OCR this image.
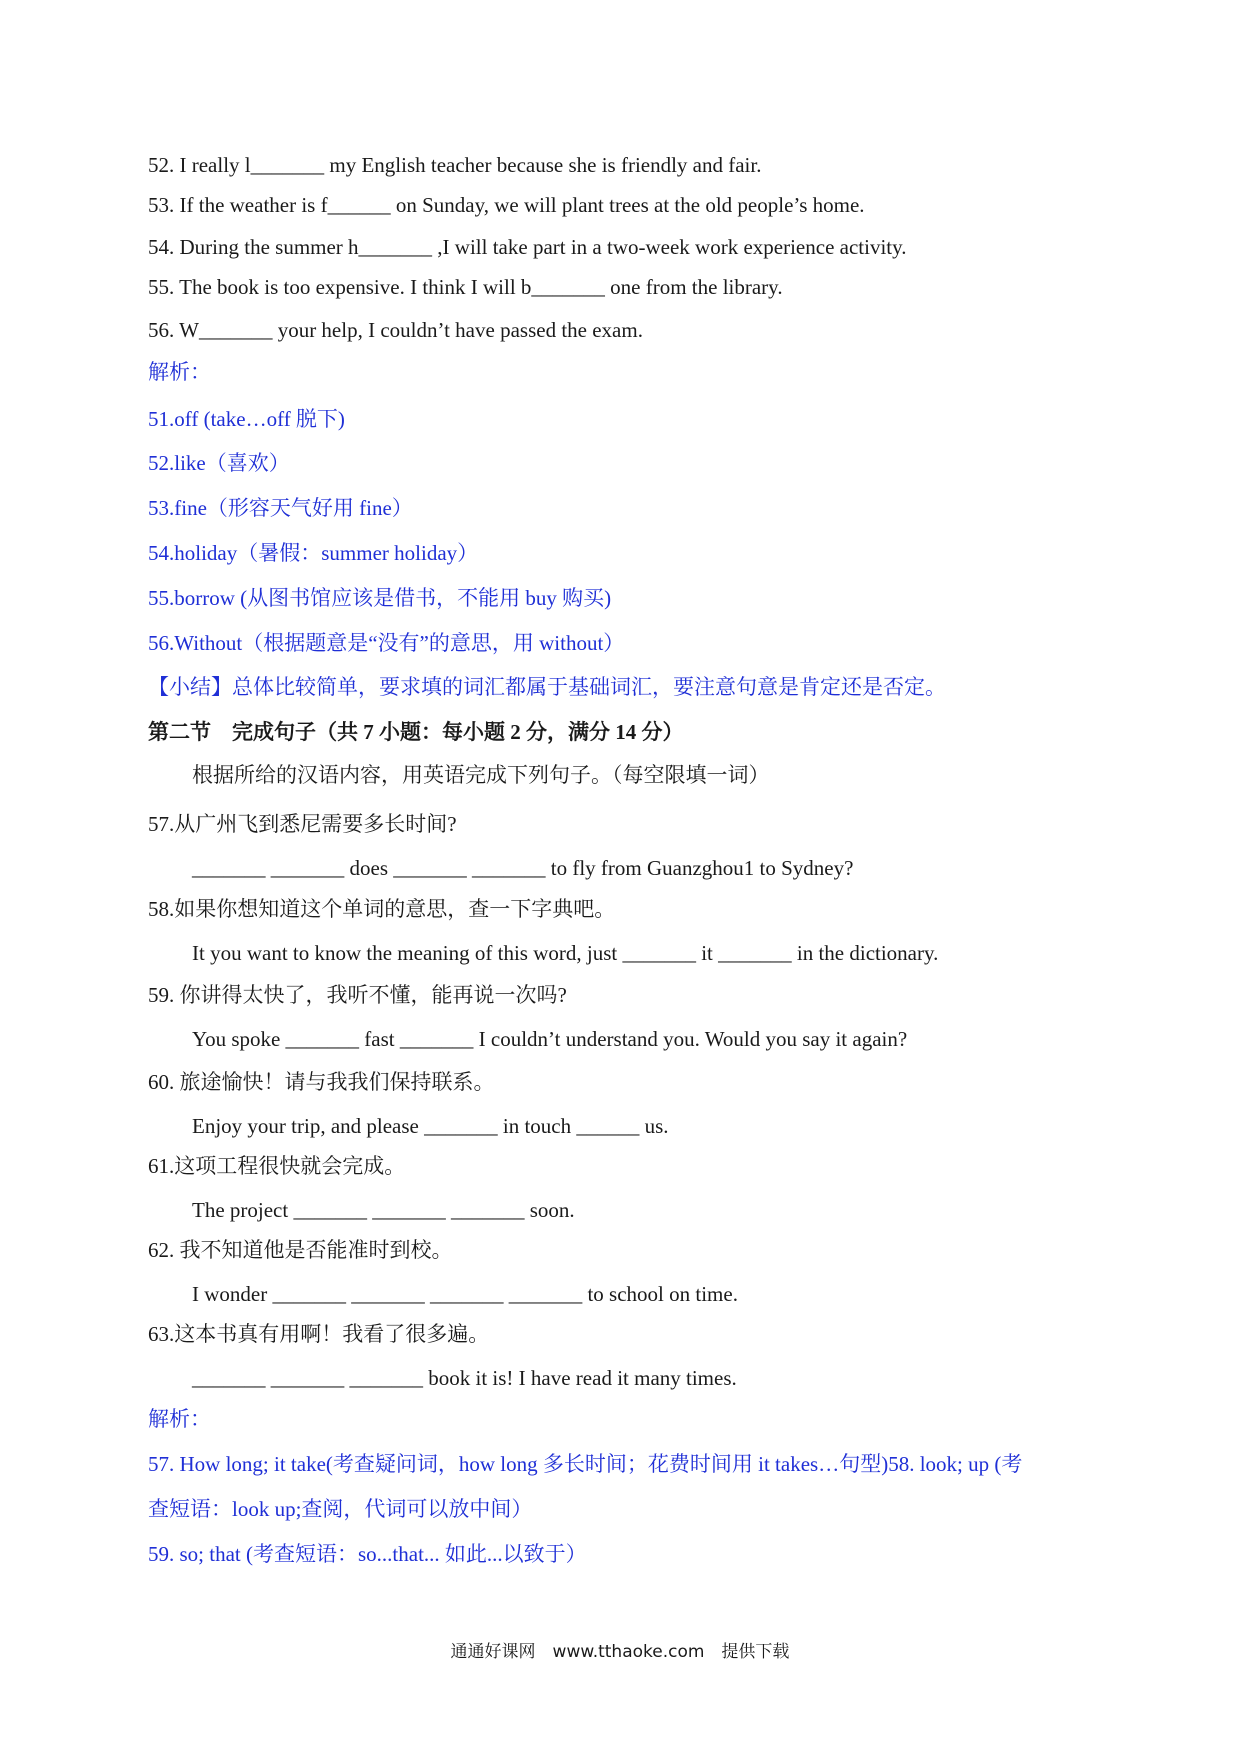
52. I really l_______ my English teacher because she is friendly and fair.
53. If the weather is f______ on Sunday, we will plant trees at the old people’s home.
54. During the summer h_______ ,I will take part in a two-week work experience activity.
55. The book is too expensive. I think I will b_______ one from the library.
56. W_______ your help, I couldn’t have passed the exam.
解析：
51.off (take…off 脱下)
52.like（喜欢）
53.fine（形容天气好用 fine）
54.holiday（暑假：summer holiday）
55.borrow (从图书馆应该是借书，不能用 buy 购买)
56.Without（根据题意是“没有”的意思，用 without）
【小结】总体比较简单，要求填的词汇都属于基础词汇，要注意句意是肯定还是否定。
第二节　完成句子（共 7 小题：每小题 2 分，满分 14 分）
根据所给的汉语内容，用英语完成下列句子。（每空限填一词）
57.从广州飞到悉尼需要多长时间?
_______ _______ does _______ _______ to fly from Guanzghou1 to Sydney?
58.如果你想知道这个单词的意思，查一下字典吧。
It you want to know the meaning of this word, just _______ it _______ in the dictionary.
59. 你讲得太快了，我听不懂，能再说一次吗?
You spoke _______ fast _______ I couldn’t understand you. Would you say it again?
60. 旅途愉快！请与我我们保持联系。
Enjoy your trip, and please _______ in touch ______ us.
61.这项工程很快就会完成。
The project _______ _______ _______ soon.
62. 我不知道他是否能准时到校。
I wonder _______ _______ _______ _______ to school on time.
63.这本书真有用啊！我看了很多遍。
_______ _______ _______ book it is! I have read it many times.
解析：
57. How long; it take(考查疑问词，how long 多长时间；花费时间用 it takes…句型)58. look; up (考
查短语：look up;查阅，代词可以放中间）
59. so; that (考查短语：so...that... 如此...以致于）
通通好课网　www.tthaoke.com　提供下载
